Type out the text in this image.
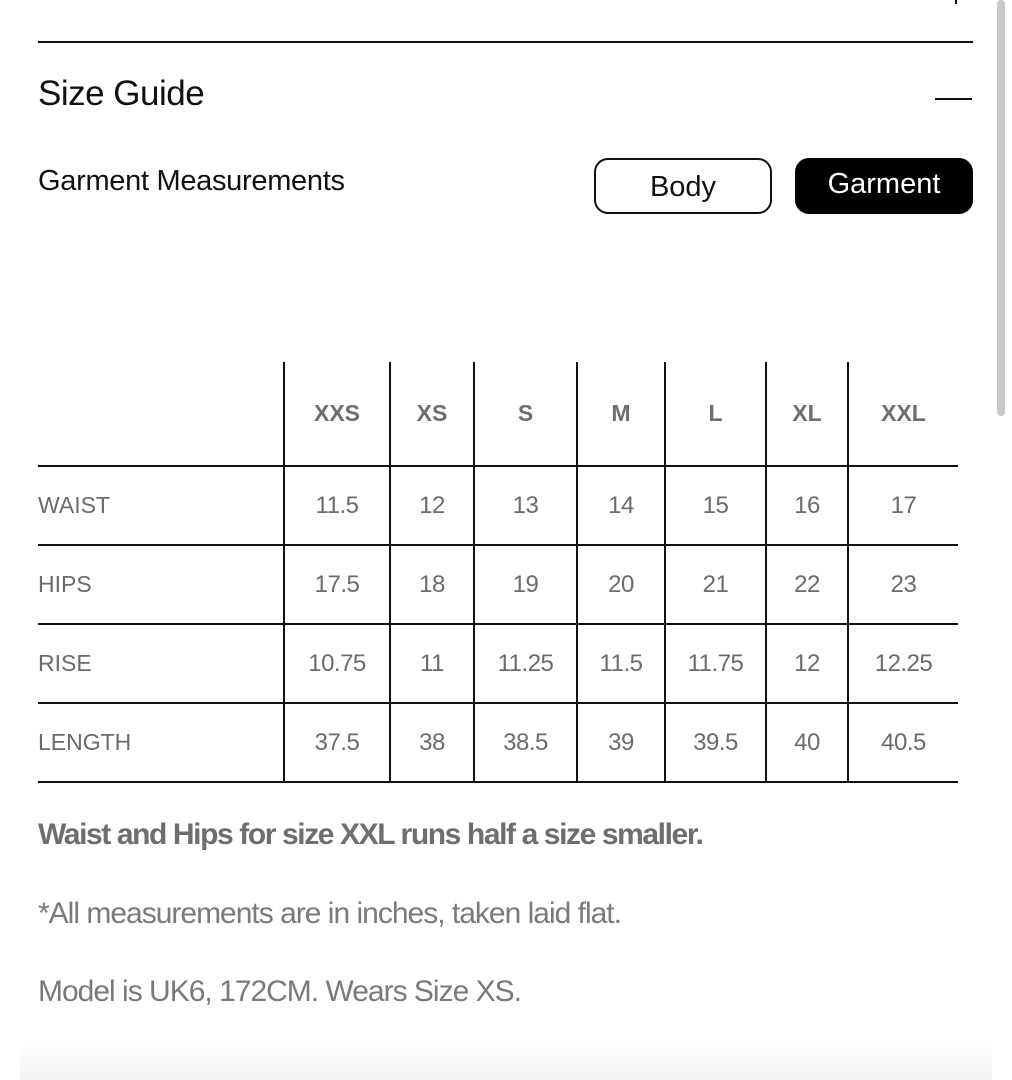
Size Guide
Garment Measurements	Body	Garment
	XXS	XS	S	M	L	XL	XXL
WAIST	11.5	12	13	14	15	16	17
HIPS	17.5	18	19	20	21	22	23
RISE	10.75	11	11.25	11.5	11.75	12	12.25
LENGTH	37.5	38	38.5	39	39.5	40	40.5
Waist and Hips for size XXL runs half a size smaller.
*All measurements are in inches, taken laid flat.
Model is UK6, 172CM. Wears Size XS.
